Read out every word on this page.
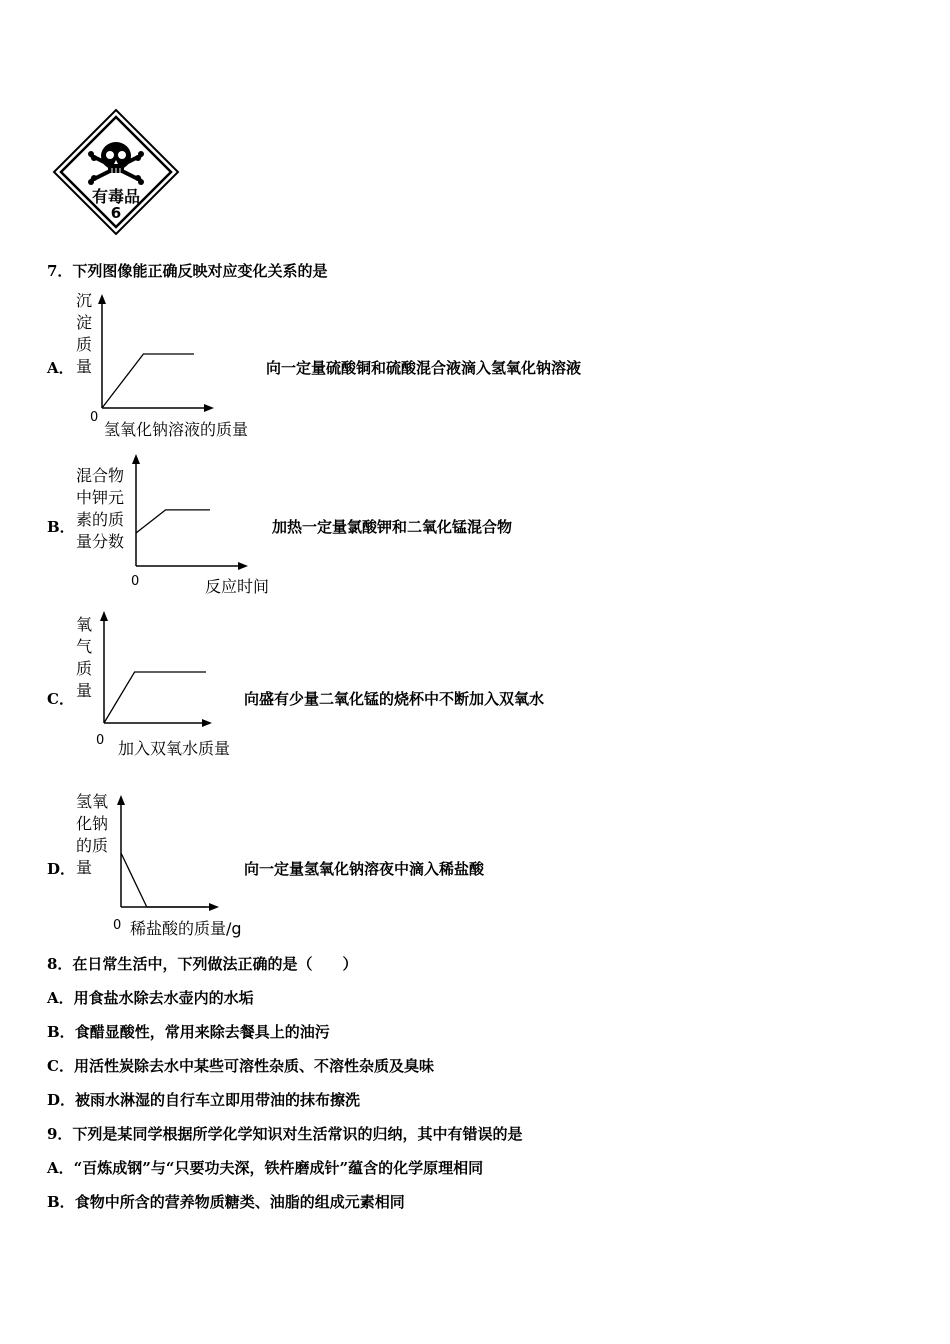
有毒品
6
7．下列图像能正确反映对应变化关系的是
A．
沉淀质量
0
氢氧化钠溶液的质量
向一定量硫酸铜和硫酸混合液滴入氢氧化钠溶液
B．
混合物中钾元素的质量分数
0	反应时间
加热一定量氯酸钾和二氧化锰混合物
C．
氧气质量
0 加入双氧水质量
向盛有少量二氧化锰的烧杯中不断加入双氧水
D．
氢氧化钠的质量
0 稀盐酸的质量/g
向一定量氢氧化钠溶夜中滴入稀盐酸
8．在日常生活中，下列做法正确的是（　　）
A．用食盐水除去水壶内的水垢
B．食醋显酸性，常用来除去餐具上的油污
C．用活性炭除去水中某些可溶性杂质、不溶性杂质及臭味
D．被雨水淋湿的自行车立即用带油的抹布擦洗
9．下列是某同学根据所学化学知识对生活常识的归纳，其中有错误的是
A．“百炼成钢”与“只要功夫深，铁杵磨成针”蕴含的化学原理相同
B．食物中所含的营养物质糖类、油脂的组成元素相同
